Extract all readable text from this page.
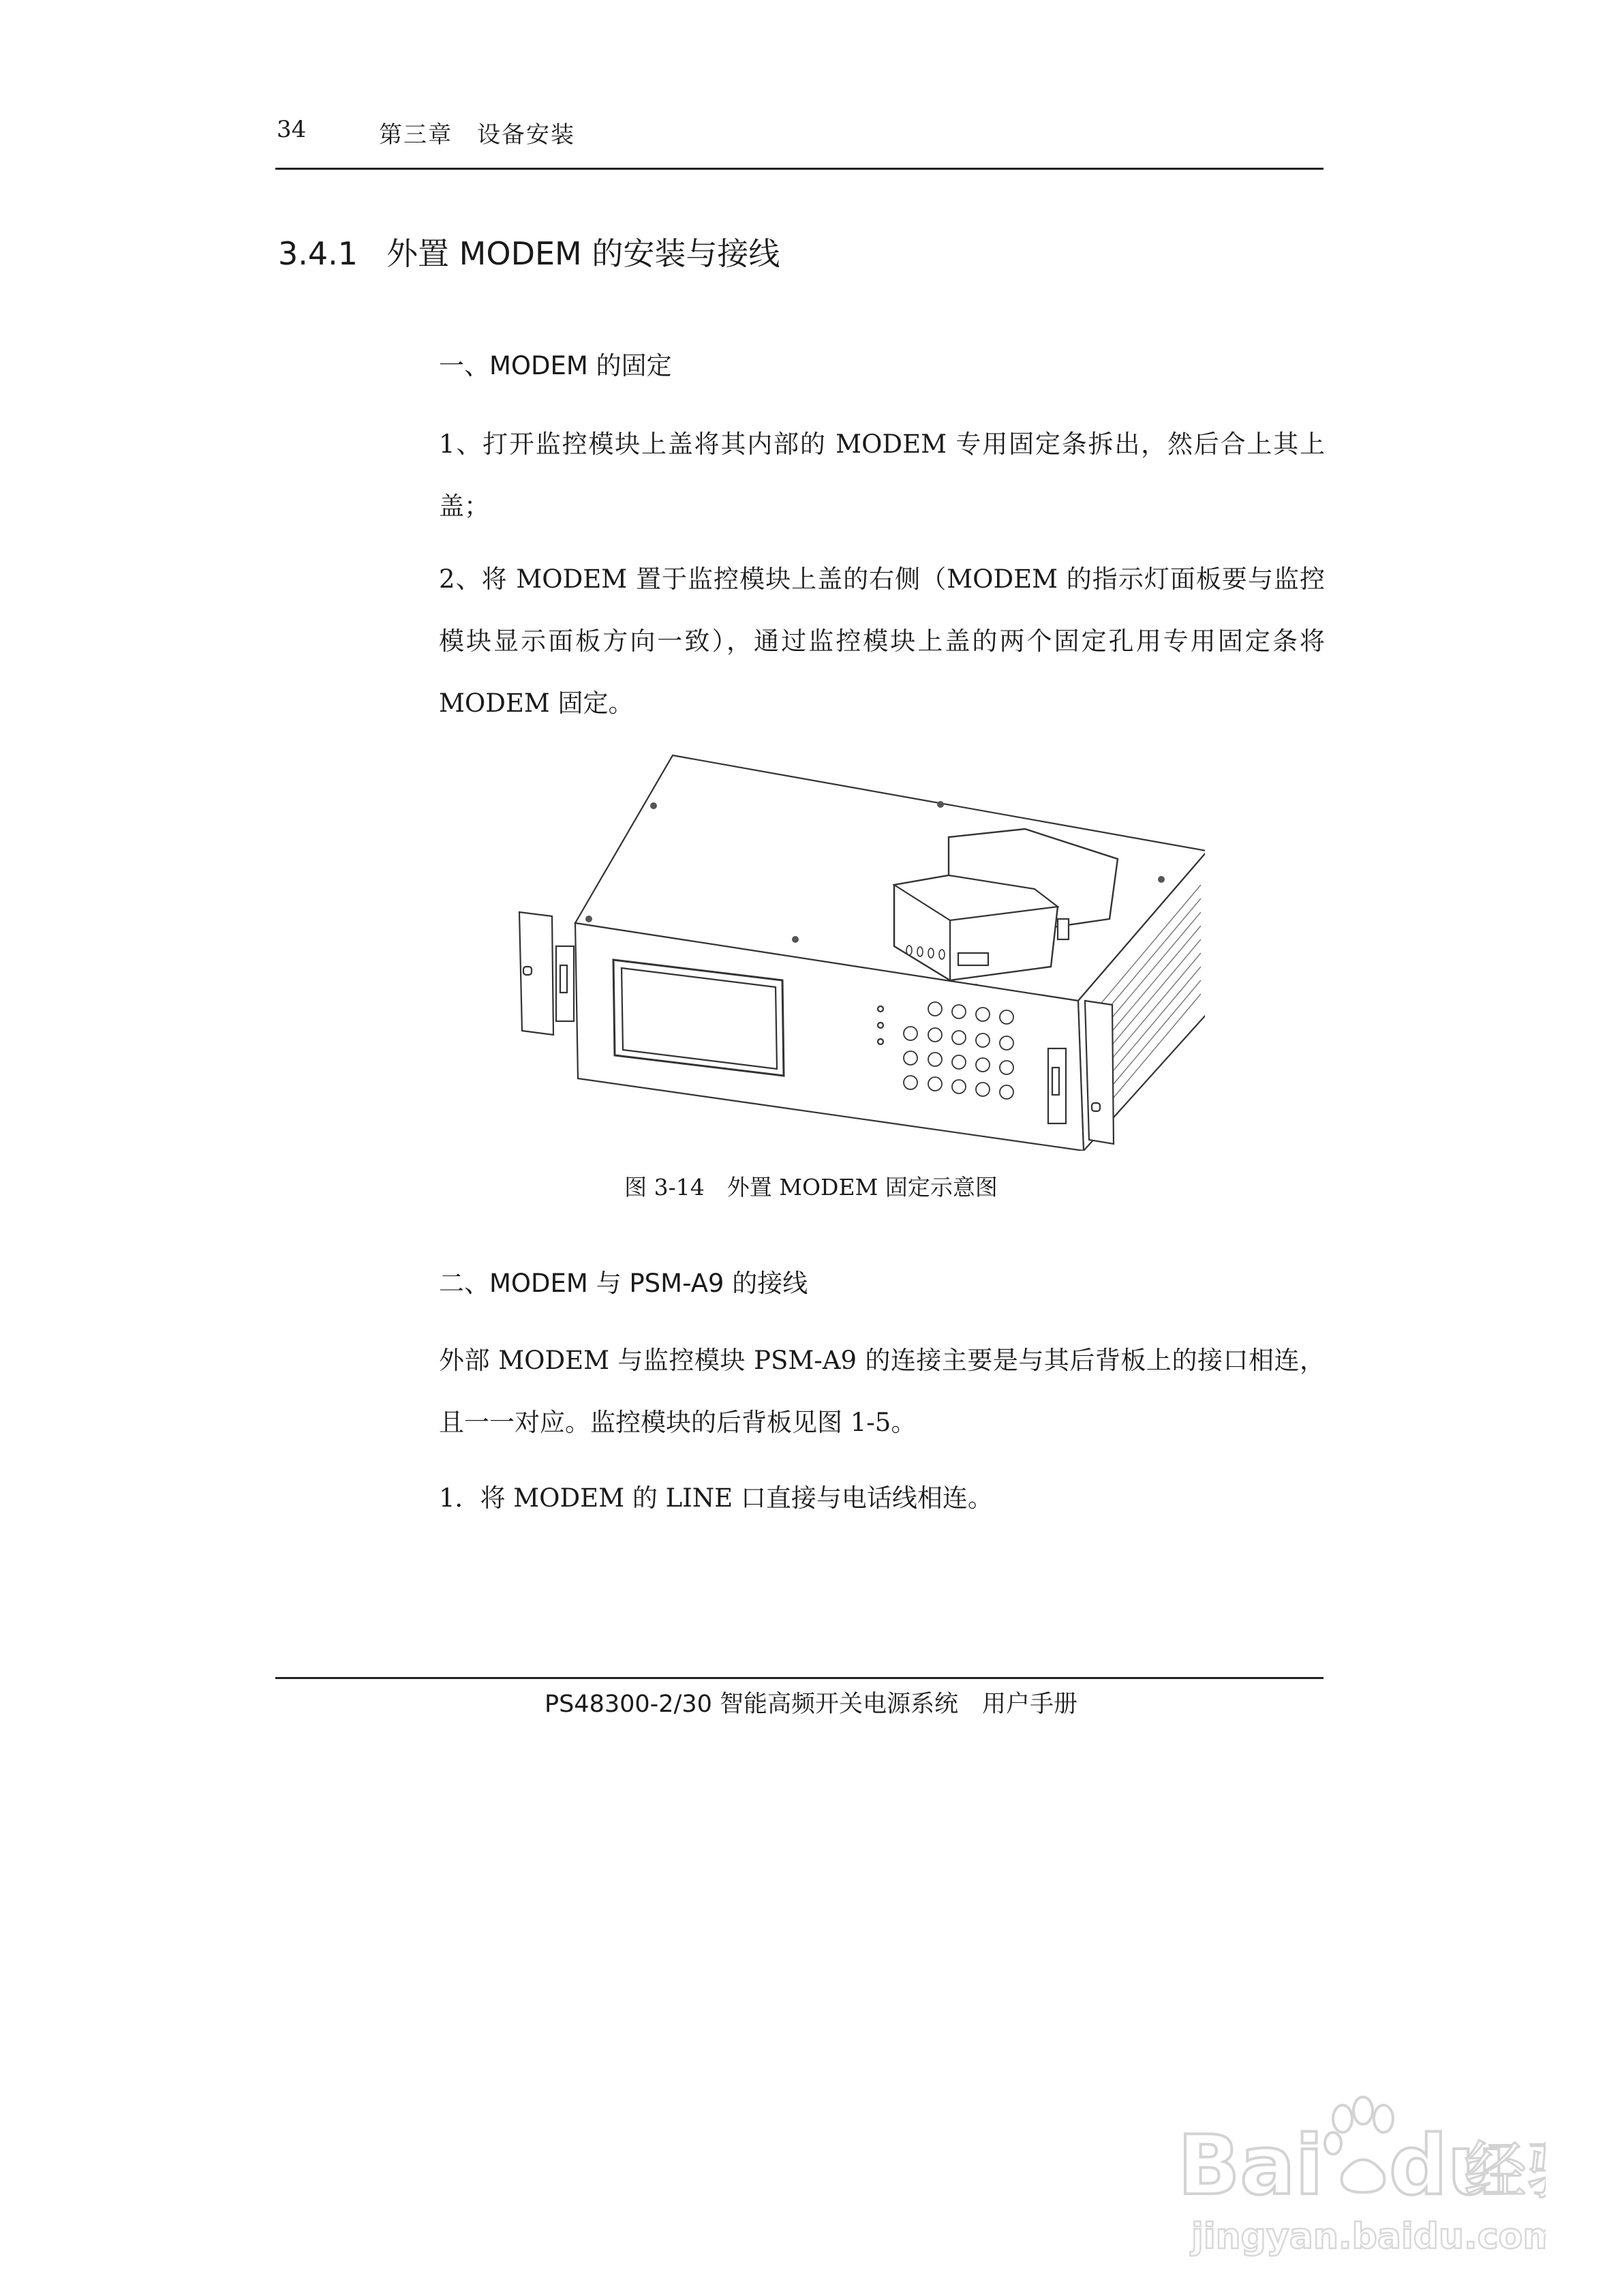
34	第三章　设备安装
3.4.1 外置 MODEM 的安装与接线
一、MODEM 的固定

1、打开监控模块上盖将其内部的 MODEM 专用固定条拆出，然后合上其上盖；

2、将 MODEM 置于监控模块上盖的右侧（MODEM 的指示灯面板要与监控模块显示面板方向一致），通过监控模块上盖的两个固定孔用专用固定条将 MODEM 固定。

图 3-14　外置 MODEM 固定示意图
二、MODEM 与 PSM-A9 的接线

外部 MODEM 与监控模块 PSM-A9 的连接主要是与其后背板上的接口相连，且一一对应。监控模块的后背板见图 1-5。

1．将 MODEM 的 LINE 口直接与电话线相连。

PS48300-2/30 智能高频开关电源系统　用户手册
Bai du
经
jingyan.baidu.com
